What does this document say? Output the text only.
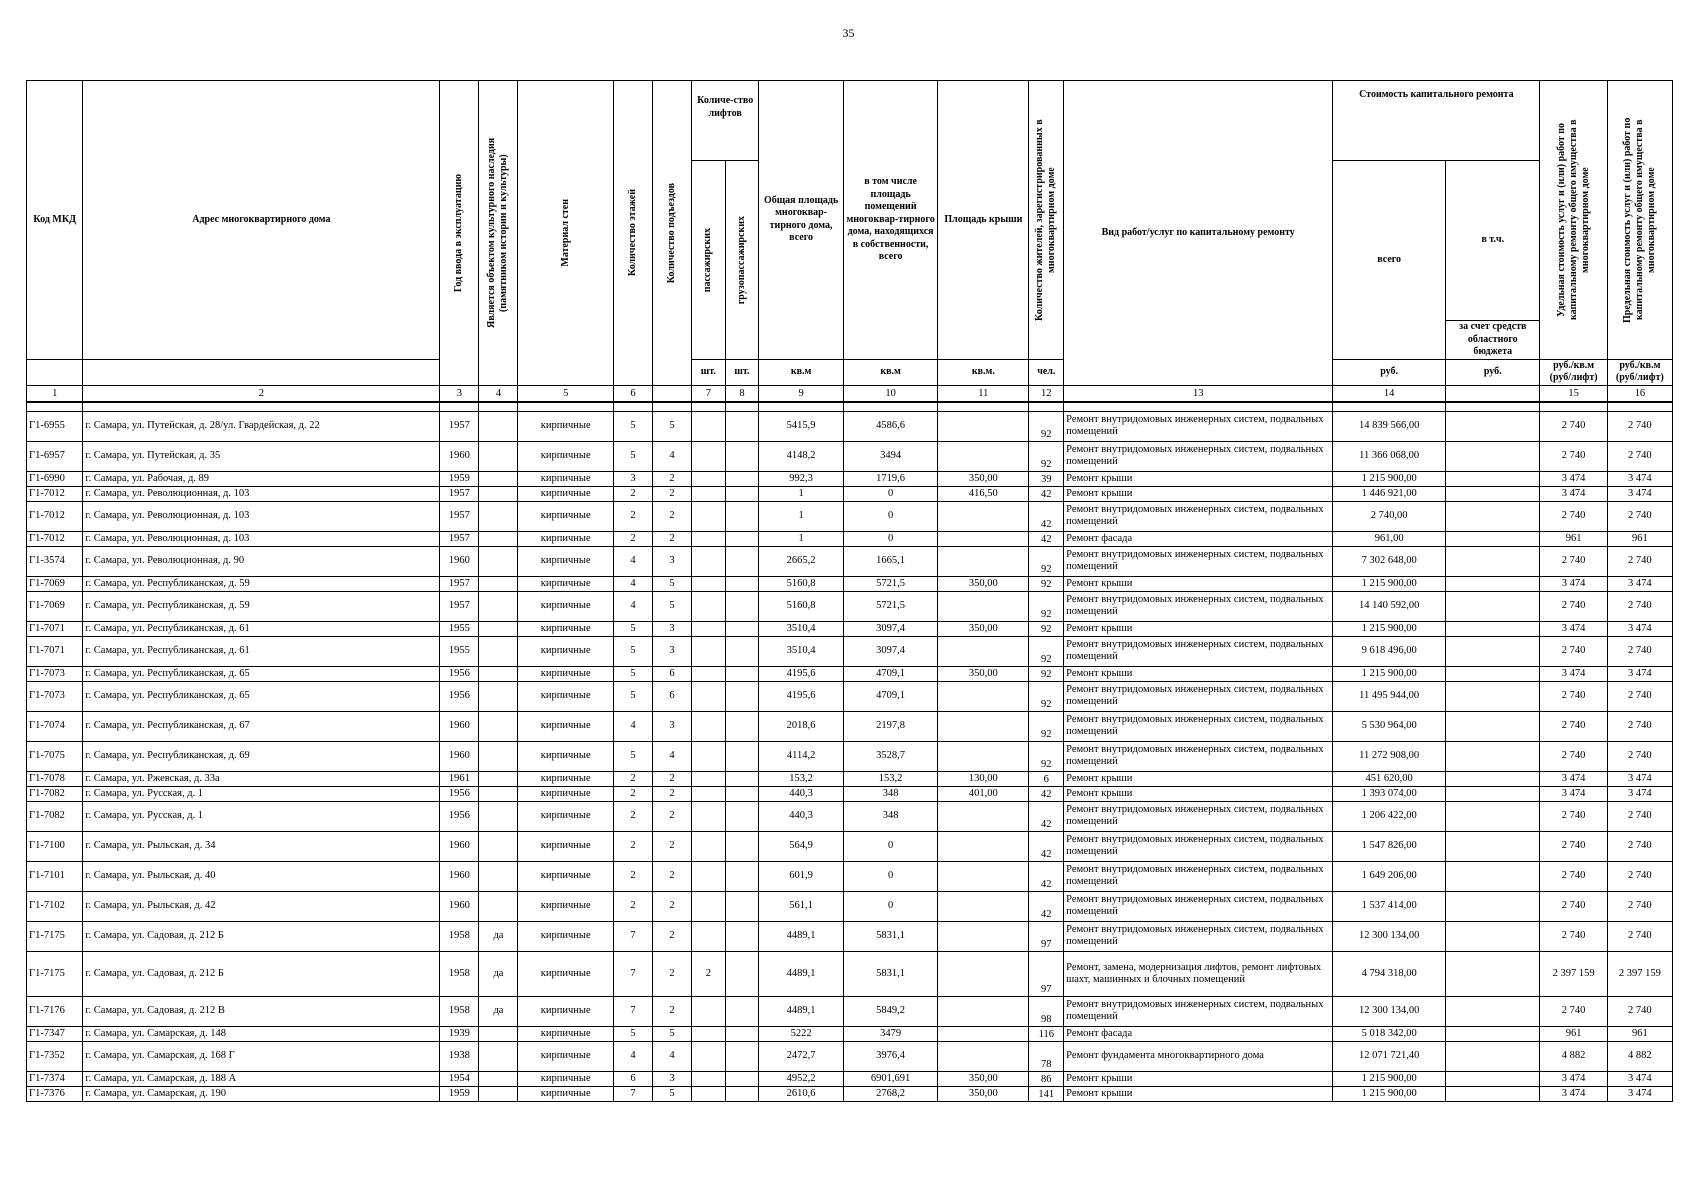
35
Код МКД	Адрес многоквартирного дома	Год ввода в эксплуатацию	Является объектом культурного наследия (памятником истории и культуры)	Материал стен	Количество этажей	Количество подъездов	Количе-ство лифтов		Общая площадь многоквар-тирного дома, всего	в том числе площадь помещений многоквар-тирного дома, находящихся в собственности, всего	Площадь крыши	Количество жителей, зарегистрированных в многоквартирном доме	Вид работ/услуг по капитальному ремонту	Стоимость капитального ремонта		Удельная стоимость услуг и (или) работ по капитальному ремонту общего имущества в многоквартирном доме	Предельная стоимость услуг и (или) работ по капитальному ремонту общего имущества в многоквартирном доме

							пассажирских	грузопассажирских						всего	в т.ч.		
															за счет средств областного бюджета		
							шт.	шт.	кв.м	кв.м	кв.м.	чел.		руб.	руб.	руб./кв.м (руб/лифт)	руб./кв.м (руб/лифт)
1	2	3	4	5	6		7	8	9	10	11	12	13	14		15	16

Г1-6955	г. Самара, ул. Путейская, д. 28/ул. Гвардейская, д. 22	1957		кирпичные	5	5			5415,9	4586,6		92	Ремонт внутридомовых инженерных систем, подвальных помещений	14 839 566,00		2 740	2 740
Г1-6957	г. Самара, ул. Путейская, д. 35	1960		кирпичные	5	4			4148,2	3494		92	Ремонт внутридомовых инженерных систем, подвальных помещений	11 366 068,00		2 740	2 740
Г1-6990	г. Самара, ул. Рабочая, д. 89	1959		кирпичные	3	2			992,3	1719,6	350,00	39	Ремонт крыши	1 215 900,00		3 474	3 474
Г1-7012	г. Самара, ул. Революционная, д. 103	1957		кирпичные	2	2			1	0	416,50	42	Ремонт крыши	1 446 921,00		3 474	3 474
Г1-7012	г. Самара, ул. Революционная, д. 103	1957		кирпичные	2	2			1	0		42	Ремонт внутридомовых инженерных систем, подвальных помещений	2 740,00		2 740	2 740
Г1-7012	г. Самара, ул. Революционная, д. 103	1957		кирпичные	2	2			1	0		42	Ремонт фасада	961,00		961	961
Г1-3574	г. Самара, ул. Революционная, д. 90	1960		кирпичные	4	3			2665,2	1665,1		92	Ремонт внутридомовых инженерных систем, подвальных помещений	7 302 648,00		2 740	2 740
Г1-7069	г. Самара, ул. Республиканская, д. 59	1957		кирпичные	4	5			5160,8	5721,5	350,00	92	Ремонт крыши	1 215 900,00		3 474	3 474
Г1-7069	г. Самара, ул. Республиканская, д. 59	1957		кирпичные	4	5			5160,8	5721,5		92	Ремонт внутридомовых инженерных систем, подвальных помещений	14 140 592,00		2 740	2 740
Г1-7071	г. Самара, ул. Республиканская, д. 61	1955		кирпичные	5	3			3510,4	3097,4	350,00	92	Ремонт крыши	1 215 900,00		3 474	3 474
Г1-7071	г. Самара, ул. Республиканская, д. 61	1955		кирпичные	5	3			3510,4	3097,4		92	Ремонт внутридомовых инженерных систем, подвальных помещений	9 618 496,00		2 740	2 740
Г1-7073	г. Самара, ул. Республиканская, д. 65	1956		кирпичные	5	6			4195,6	4709,1	350,00	92	Ремонт крыши	1 215 900,00		3 474	3 474
Г1-7073	г. Самара, ул. Республиканская, д. 65	1956		кирпичные	5	6			4195,6	4709,1		92	Ремонт внутридомовых инженерных систем, подвальных помещений	11 495 944,00		2 740	2 740
Г1-7074	г. Самара, ул. Республиканская, д. 67	1960		кирпичные	4	3			2018,6	2197,8		92	Ремонт внутридомовых инженерных систем, подвальных помещений	5 530 964,00		2 740	2 740
Г1-7075	г. Самара, ул. Республиканская, д. 69	1960		кирпичные	5	4			4114,2	3528,7		92	Ремонт внутридомовых инженерных систем, подвальных помещений	11 272 908,00		2 740	2 740
Г1-7078	г. Самара, ул. Ржевская, д. 33а	1961		кирпичные	2	2			153,2	153,2	130,00	6	Ремонт крыши	451 620,00		3 474	3 474
Г1-7082	г. Самара, ул. Русская, д. 1	1956		кирпичные	2	2			440,3	348	401,00	42	Ремонт крыши	1 393 074,00		3 474	3 474
Г1-7082	г. Самара, ул. Русская, д. 1	1956		кирпичные	2	2			440,3	348		42	Ремонт внутридомовых инженерных систем, подвальных помещений	1 206 422,00		2 740	2 740
Г1-7100	г. Самара, ул. Рыльская, д. 34	1960		кирпичные	2	2			564,9	0		42	Ремонт внутридомовых инженерных систем, подвальных помещений	1 547 826,00		2 740	2 740
Г1-7101	г. Самара, ул. Рыльская, д. 40	1960		кирпичные	2	2			601,9	0		42	Ремонт внутридомовых инженерных систем, подвальных помещений	1 649 206,00		2 740	2 740
Г1-7102	г. Самара, ул. Рыльская, д. 42	1960		кирпичные	2	2			561,1	0		42	Ремонт внутридомовых инженерных систем, подвальных помещений	1 537 414,00		2 740	2 740
Г1-7175	г. Самара, ул. Садовая, д. 212 Б	1958	да	кирпичные	7	2			4489,1	5831,1		97	Ремонт внутридомовых инженерных систем, подвальных помещений	12 300 134,00		2 740	2 740
Г1-7175	г. Самара, ул. Садовая, д. 212 Б	1958	да	кирпичные	7	2	2		4489,1	5831,1		97	Ремонт, замена, модернизация лифтов, ремонт лифтовых шахт, машинных и блочных помещений	4 794 318,00		2 397 159	2 397 159
Г1-7176	г. Самара, ул. Садовая, д. 212 В	1958	да	кирпичные	7	2			4489,1	5849,2		98	Ремонт внутридомовых инженерных систем, подвальных помещений	12 300 134,00		2 740	2 740
Г1-7347	г. Самара, ул. Самарская, д. 148	1939		кирпичные	5	5			5222	3479		116	Ремонт фасада	5 018 342,00		961	961
Г1-7352	г. Самара, ул. Самарская, д. 168 Г	1938		кирпичные	4	4			2472,7	3976,4		78	Ремонт фундамента многоквартирного дома	12 071 721,40		4 882	4 882
Г1-7374	г. Самара, ул. Самарская, д. 188 А	1954		кирпичные	6	3			4952,2	6901,691	350,00	86	Ремонт крыши	1 215 900,00		3 474	3 474
Г1-7376	г. Самара, ул. Самарская, д. 190	1959		кирпичные	7	5			2610,6	2768,2	350,00	141	Ремонт крыши	1 215 900,00		3 474	3 474
